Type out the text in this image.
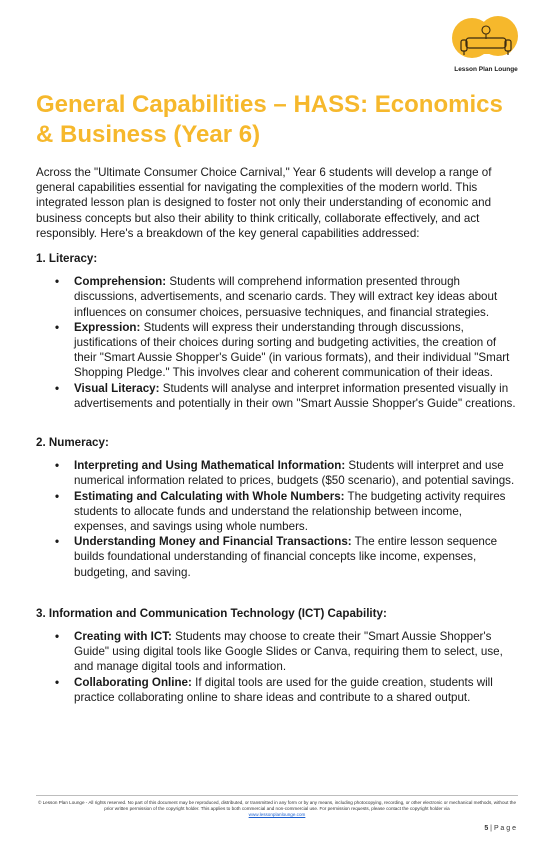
Lesson Plan Lounge
General Capabilities – HASS: Economics & Business (Year 6)

Across the "Ultimate Consumer Choice Carnival," Year 6 students will develop a range of general capabilities essential for navigating the complexities of the modern world. This integrated lesson plan is designed to foster not only their understanding of economic and business concepts but also their ability to think critically, collaborate effectively, and act responsibly. Here's a breakdown of the key general capabilities addressed:

1. Literacy:

• Comprehension: Students will comprehend information presented through discussions, advertisements, and scenario cards. They will extract key ideas about influences on consumer choices, persuasive techniques, and financial strategies.
• Expression: Students will express their understanding through discussions, justifications of their choices during sorting and budgeting activities, the creation of their "Smart Aussie Shopper's Guide" (in various formats), and their individual "Smart Shopping Pledge." This involves clear and coherent communication of their ideas.
• Visual Literacy: Students will analyse and interpret information presented visually in advertisements and potentially in their own "Smart Aussie Shopper's Guide" creations.

2. Numeracy:

• Interpreting and Using Mathematical Information: Students will interpret and use numerical information related to prices, budgets ($50 scenario), and potential savings.
• Estimating and Calculating with Whole Numbers: The budgeting activity requires students to allocate funds and understand the relationship between income, expenses, and savings using whole numbers.
• Understanding Money and Financial Transactions: The entire lesson sequence builds foundational understanding of financial concepts like income, expenses, budgeting, and saving.

3. Information and Communication Technology (ICT) Capability:

• Creating with ICT: Students may choose to create their "Smart Aussie Shopper's Guide" using digital tools like Google Slides or Canva, requiring them to select, use, and manage digital tools and information.
• Collaborating Online: If digital tools are used for the guide creation, students will practice collaborating online to share ideas and contribute to a shared output.
© Lesson Plan Lounge - All rights reserved. No part of this document may be reproduced, distributed, or transmitted in any form or by any means, including photocopying, recording, or other electronic or mechanical methods, without the prior written permission of the copyright holder. This applies to both commercial and non-commercial use. For permission requests, please contact the copyright holder via
www.lessonplanlounge.com
5 | P a g e
